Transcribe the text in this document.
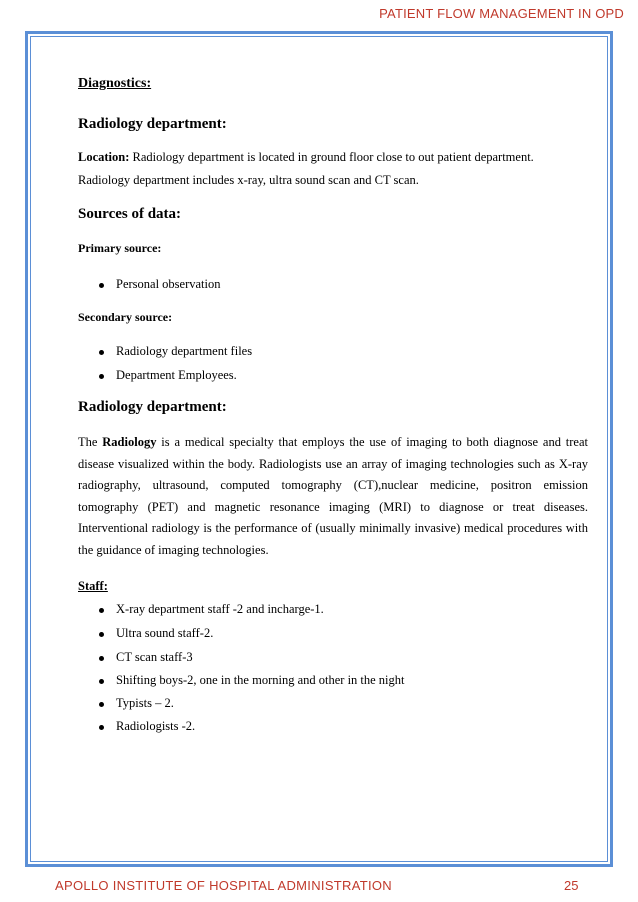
PATIENT FLOW MANAGEMENT IN OPD
Diagnostics:
Radiology department:
Location: Radiology department is located in ground floor close to out patient department.
Radiology department includes x-ray, ultra sound scan and CT scan.
Sources of data:
Primary source:
Personal observation
Secondary source:
Radiology department files
Department Employees.
Radiology department:
The Radiology is a medical specialty that employs the use of imaging to both diagnose and treat disease visualized within the body. Radiologists use an array of imaging technologies such as X-ray radiography, ultrasound, computed tomography (CT),nuclear medicine, positron emission tomography (PET) and magnetic resonance imaging (MRI) to diagnose or treat diseases. Interventional radiology is the performance of (usually minimally invasive) medical procedures with the guidance of imaging technologies.
Staff:
X-ray department staff -2 and incharge-1.
Ultra sound staff-2.
CT scan staff-3
Shifting boys-2, one in the morning and other in the night
Typists – 2.
Radiologists -2.
APOLLO INSTITUTE OF HOSPITAL ADMINISTRATION	25
